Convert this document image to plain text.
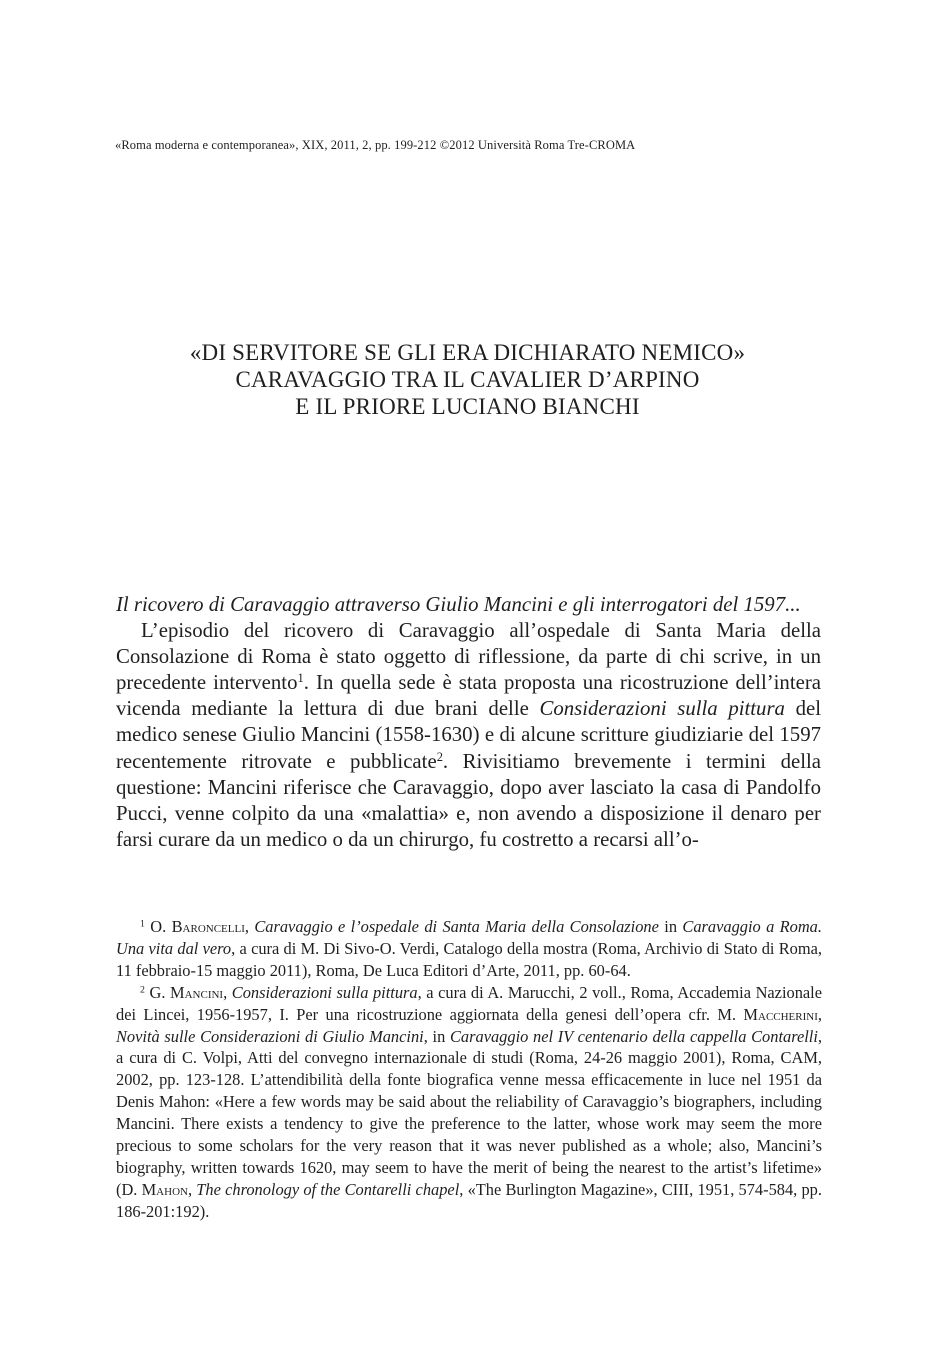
«Roma moderna e contemporanea», XIX, 2011, 2, pp. 199-212 ©2012 Università Roma Tre-CROMA
«DI SERVITORE SE GLI ERA DICHIARATO NEMICO»
CARAVAGGIO TRA IL CAVALIER D’ARPINO
E IL PRIORE LUCIANO BIANCHI
Il ricovero di Caravaggio attraverso Giulio Mancini e gli interrogatori del 1597...

L’episodio del ricovero di Caravaggio all’ospedale di Santa Maria della Consolazione di Roma è stato oggetto di riflessione, da parte di chi scrive, in un precedente intervento$^1$. In quella sede è stata proposta una ricostruzione dell’intera vicenda mediante la lettura di due brani delle Considerazioni sulla pittura del medico senese Giulio Mancini (1558-1630) e di alcune scritture giudiziarie del 1597 recentemente ritrovate e pubblicate$^2$. Rivisitiamo brevemente i termini della questione: Mancini riferisce che Caravaggio, dopo aver lasciato la casa di Pandolfo Pucci, venne colpito da una «malattia» e, non avendo a disposizione il denaro per farsi curare da un medico o da un chirurgo, fu costretto a recarsi all’o-

$^1$ O. Baroncelli, Caravaggio e l’ospedale di Santa Maria della Consolazione in Caravaggio a Roma. Una vita dal vero, a cura di M. Di Sivo-O. Verdi, Catalogo della mostra (Roma, Archivio di Stato di Roma, 11 febbraio-15 maggio 2011), Roma, De Luca Editori d’Arte, 2011, pp. 60-64.

$^2$ G. Mancini, Considerazioni sulla pittura, a cura di A. Marucchi, 2 voll., Roma, Accademia Nazionale dei Lincei, 1956-1957, I. Per una ricostruzione aggiornata della genesi dell’opera cfr. M. Maccherini, Novità sulle Considerazioni di Giulio Mancini, in Caravaggio nel IV centenario della cappella Contarelli, a cura di C. Volpi, Atti del convegno internazionale di studi (Roma, 24-26 maggio 2001), Roma, CAM, 2002, pp. 123-128. L’attendibilità della fonte biografica venne messa efficacemente in luce nel 1951 da Denis Mahon: «Here a few words may be said about the reliability of Caravaggio’s biographers, including Mancini. There exists a tendency to give the preference to the latter, whose work may seem the more precious to some scholars for the very reason that it was never published as a whole; also, Mancini’s biography, written towards 1620, may seem to have the merit of being the nearest to the artist’s lifetime» (D. Mahon, The chronology of the Contarelli chapel, «The Burlington Magazine», CIII, 1951, 574-584, pp. 186-201:192).
